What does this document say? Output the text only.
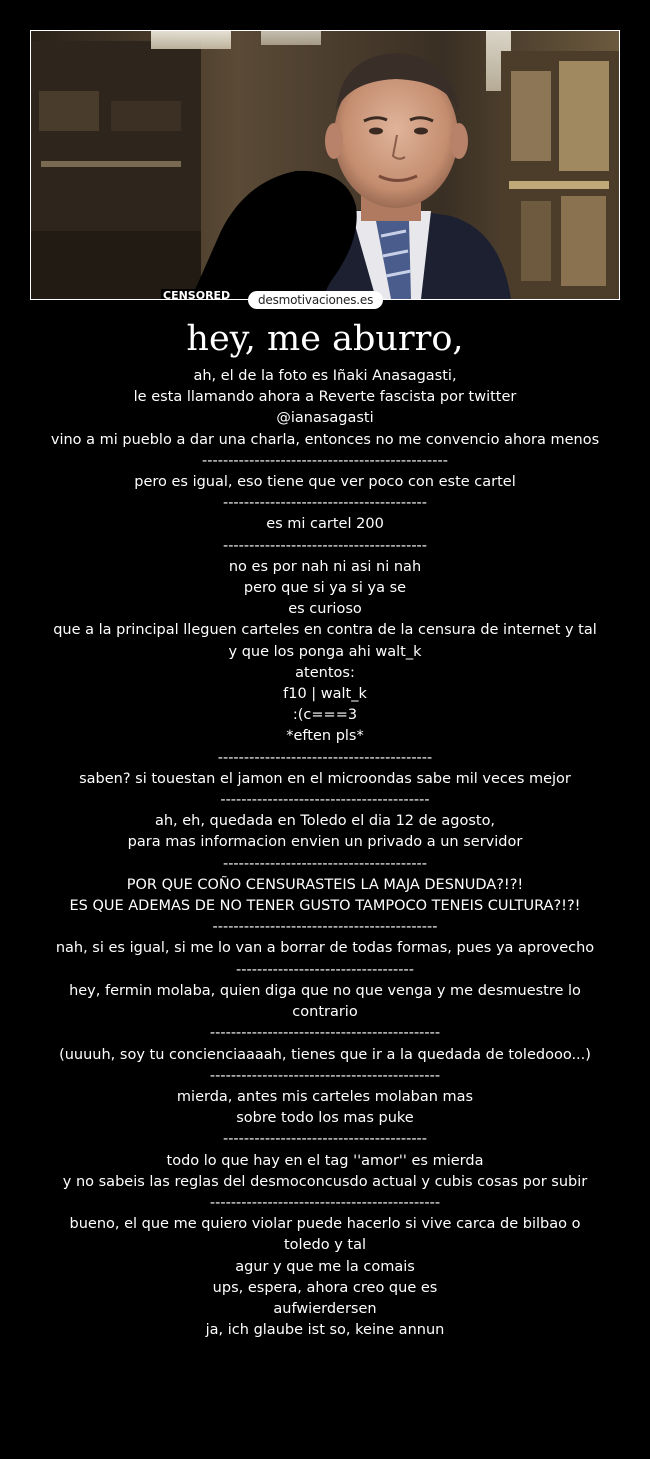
CENSORED	desmotivaciones.es
hey, me aburro,
ah, el de la foto es Iñaki Anasagasti,
le esta llamando ahora a Reverte fascista por twitter
@ianasagasti
vino a mi pueblo a dar una charla, entonces no me convencio ahora menos
-----------------------------------------------
pero es igual, eso tiene que ver poco con este cartel
---------------------------------------
es mi cartel 200
---------------------------------------
no es por nah ni asi ni nah
pero que si ya si ya se
es curioso
que a la principal lleguen carteles en contra de la censura de internet y tal
y que los ponga ahi walt_k
atentos:
f10 | walt_k
:(c===3
*eften pls*
-----------------------------------------
saben? si touestan el jamon en el microondas sabe mil veces mejor
----------------------------------------
ah, eh, quedada en Toledo el dia 12 de agosto,
para mas informacion envien un privado a un servidor
---------------------------------------
POR QUE COÑO CENSURASTEIS LA MAJA DESNUDA?!?!
ES QUE ADEMAS DE NO TENER GUSTO TAMPOCO TENEIS CULTURA?!?!
-------------------------------------------
nah, si es igual, si me lo van a borrar de todas formas, pues ya aprovecho
----------------------------------
hey, fermin molaba, quien diga que no que venga y me desmuestre lo contrario
--------------------------------------------
(uuuuh, soy tu concienciaaaah, tienes que ir a la quedada de toledooo...)
--------------------------------------------
mierda, antes mis carteles molaban mas
sobre todo los mas puke
---------------------------------------
todo lo que hay en el tag ''amor'' es mierda
y no sabeis las reglas del desmoconcusdo actual y cubis cosas por subir
--------------------------------------------
bueno, el que me quiero violar puede hacerlo si vive carca de bilbao o toledo y tal
agur y que me la comais
ups, espera, ahora creo que es
aufwierdersen
ja, ich glaube ist so, keine annun
